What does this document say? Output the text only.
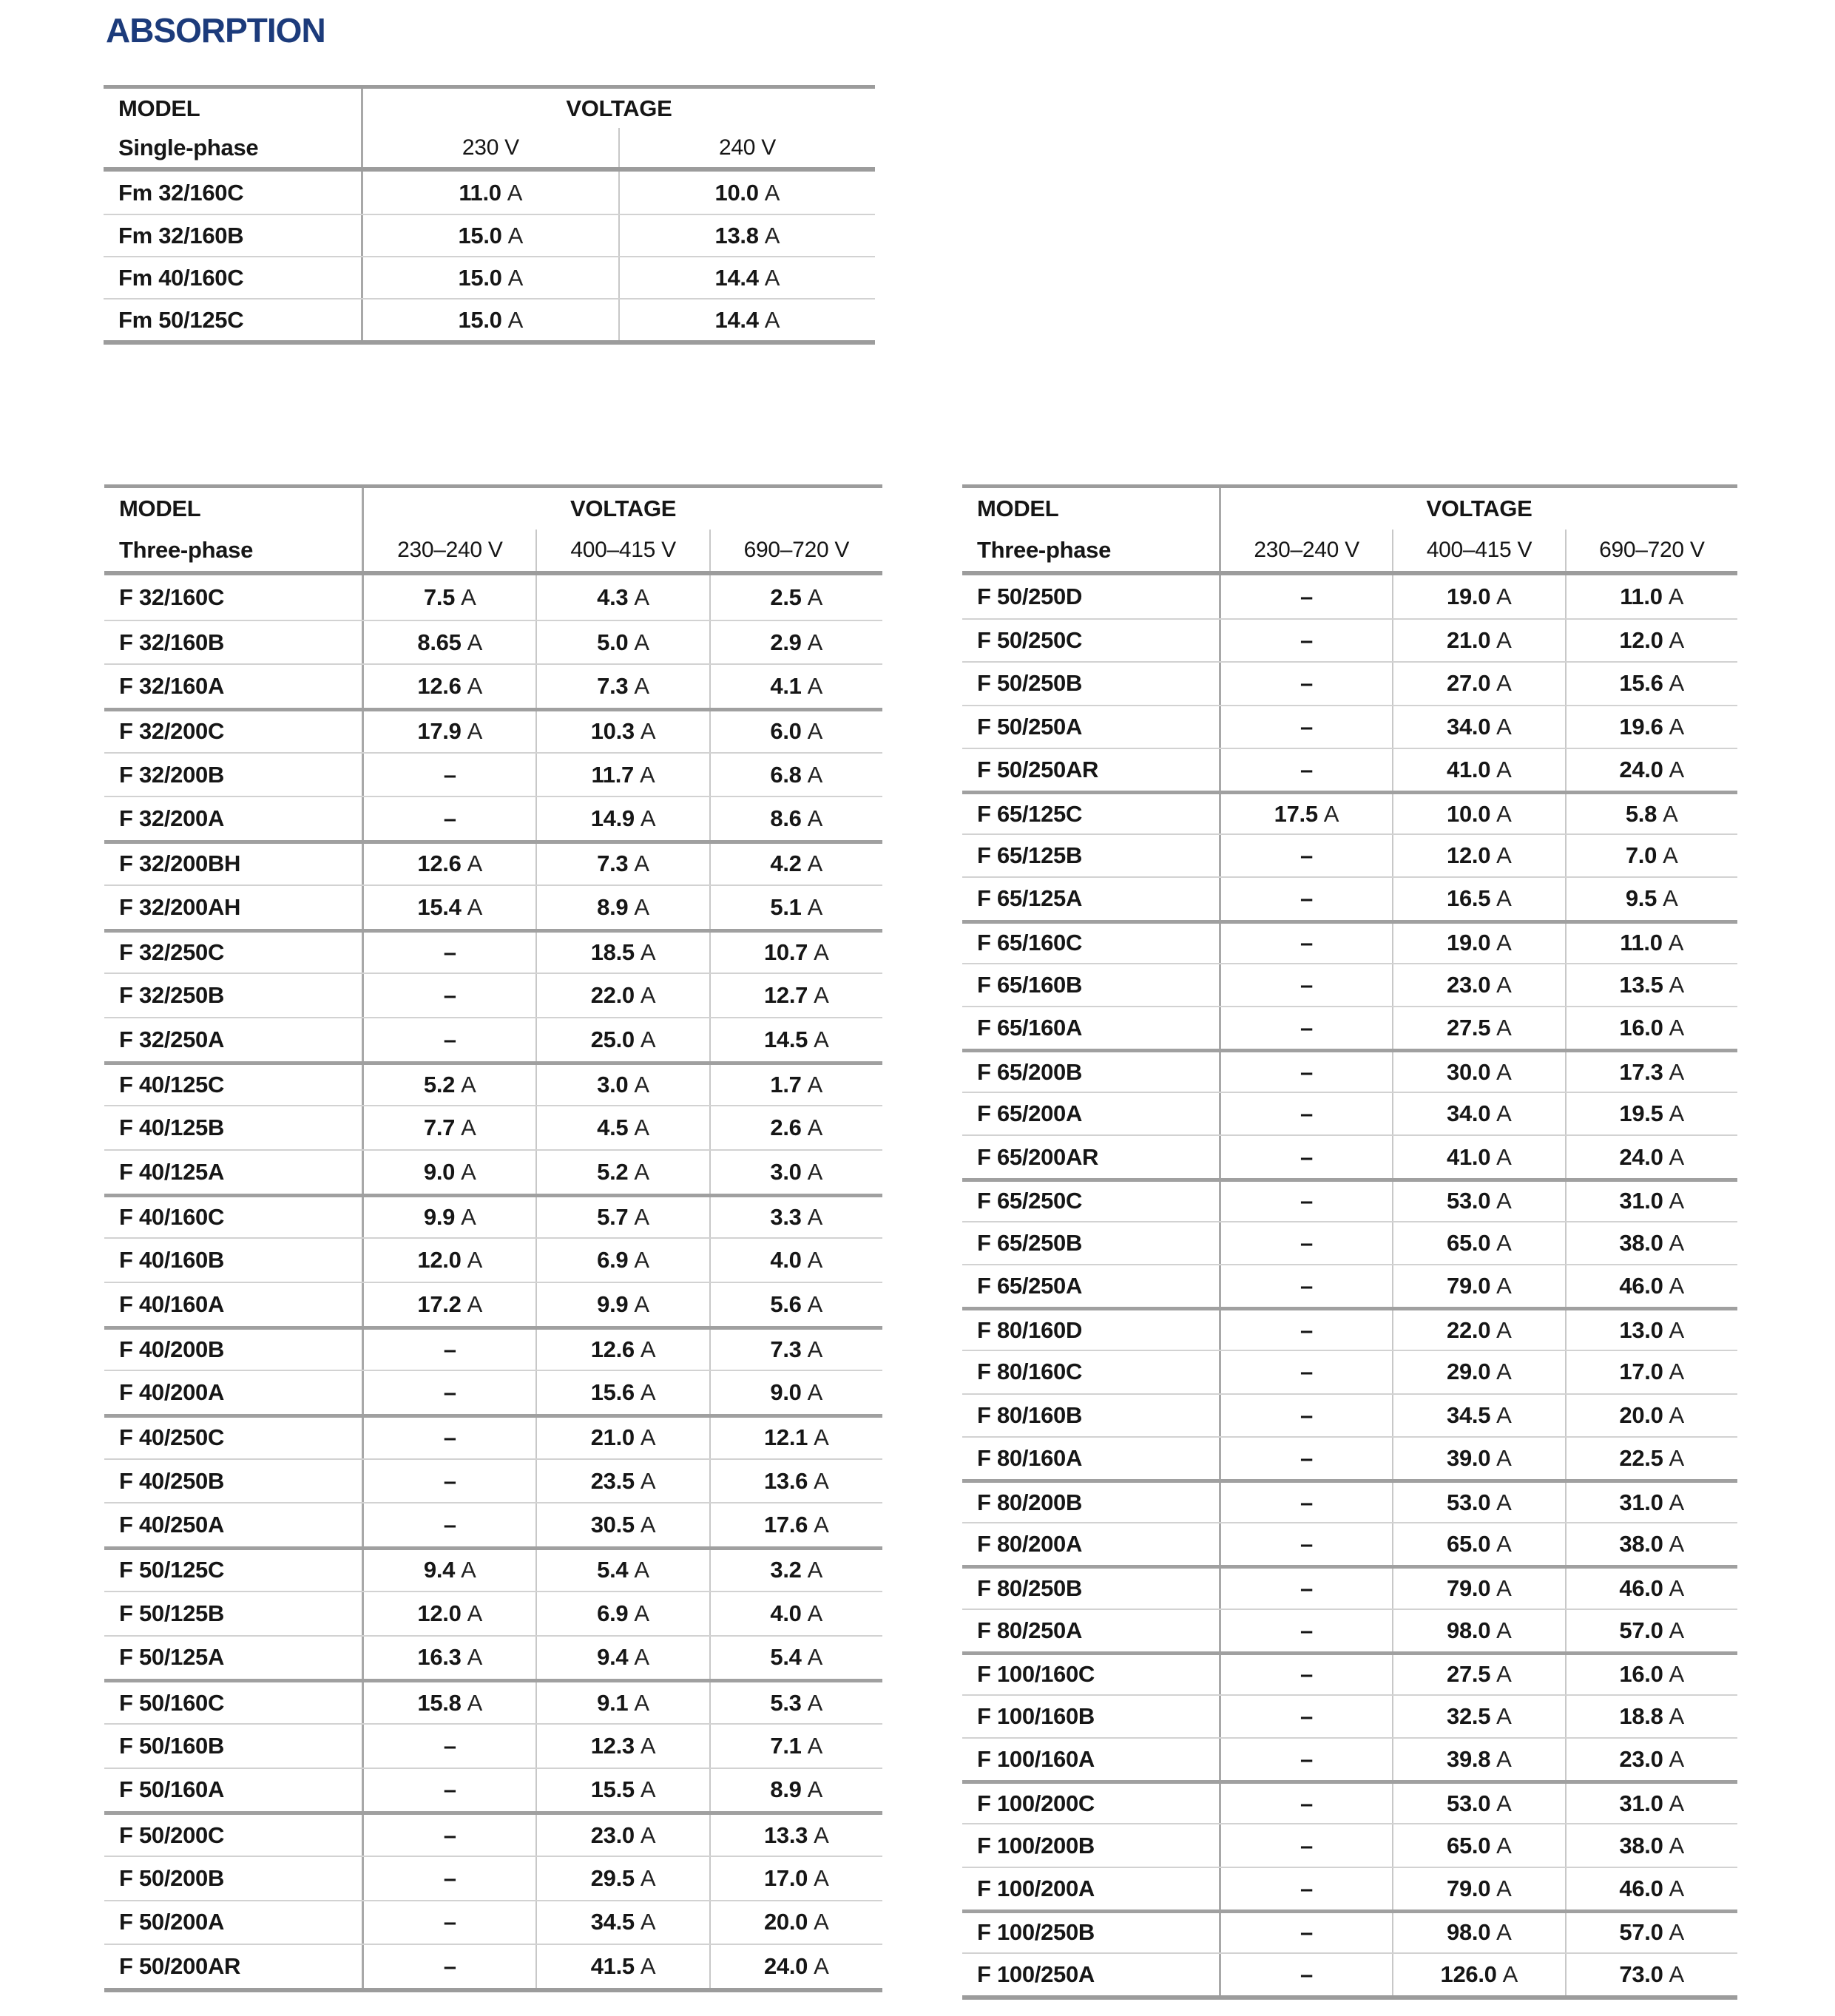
ABSORPTION
MODEL
Single-phase
VOLTAGE
230 V	240 V
Fm 32/160C	11.0 A	10.0 A
Fm 32/160B	15.0 A	13.8 A
Fm 40/160C	15.0 A	14.4 A
Fm 50/125C	15.0 A	14.4 A
MODEL
Three-phase
VOLTAGE
230–240 V	400–415 V	690–720 V
F 32/160C	7.5 A	4.3 A	2.5 A
F 32/160B	8.65 A	5.0 A	2.9 A
F 32/160A	12.6 A	7.3 A	4.1 A
F 32/200C	17.9 A	10.3 A	6.0 A
F 32/200B	–	11.7 A	6.8 A
F 32/200A	–	14.9 A	8.6 A
F 32/200BH	12.6 A	7.3 A	4.2 A
F 32/200AH	15.4 A	8.9 A	5.1 A
F 32/250C	–	18.5 A	10.7 A
F 32/250B	–	22.0 A	12.7 A
F 32/250A	–	25.0 A	14.5 A
F 40/125C	5.2 A	3.0 A	1.7 A
F 40/125B	7.7 A	4.5 A	2.6 A
F 40/125A	9.0 A	5.2 A	3.0 A
F 40/160C	9.9 A	5.7 A	3.3 A
F 40/160B	12.0 A	6.9 A	4.0 A
F 40/160A	17.2 A	9.9 A	5.6 A
F 40/200B	–	12.6 A	7.3 A
F 40/200A	–	15.6 A	9.0 A
F 40/250C	–	21.0 A	12.1 A
F 40/250B	–	23.5 A	13.6 A
F 40/250A	–	30.5 A	17.6 A
F 50/125C	9.4 A	5.4 A	3.2 A
F 50/125B	12.0 A	6.9 A	4.0 A
F 50/125A	16.3 A	9.4 A	5.4 A
F 50/160C	15.8 A	9.1 A	5.3 A
F 50/160B	–	12.3 A	7.1 A
F 50/160A	–	15.5 A	8.9 A
F 50/200C	–	23.0 A	13.3 A
F 50/200B	–	29.5 A	17.0 A
F 50/200A	–	34.5 A	20.0 A
F 50/200AR	–	41.5 A	24.0 A
MODEL
Three-phase
VOLTAGE
230–240 V	400–415 V	690–720 V
F 50/250D	–	19.0 A	11.0 A
F 50/250C	–	21.0 A	12.0 A
F 50/250B	–	27.0 A	15.6 A
F 50/250A	–	34.0 A	19.6 A
F 50/250AR	–	41.0 A	24.0 A
F 65/125C	17.5 A	10.0 A	5.8 A
F 65/125B	–	12.0 A	7.0 A
F 65/125A	–	16.5 A	9.5 A
F 65/160C	–	19.0 A	11.0 A
F 65/160B	–	23.0 A	13.5 A
F 65/160A	–	27.5 A	16.0 A
F 65/200B	–	30.0 A	17.3 A
F 65/200A	–	34.0 A	19.5 A
F 65/200AR	–	41.0 A	24.0 A
F 65/250C	–	53.0 A	31.0 A
F 65/250B	–	65.0 A	38.0 A
F 65/250A	–	79.0 A	46.0 A
F 80/160D	–	22.0 A	13.0 A
F 80/160C	–	29.0 A	17.0 A
F 80/160B	–	34.5 A	20.0 A
F 80/160A	–	39.0 A	22.5 A
F 80/200B	–	53.0 A	31.0 A
F 80/200A	–	65.0 A	38.0 A
F 80/250B	–	79.0 A	46.0 A
F 80/250A	–	98.0 A	57.0 A
F 100/160C	–	27.5 A	16.0 A
F 100/160B	–	32.5 A	18.8 A
F 100/160A	–	39.8 A	23.0 A
F 100/200C	–	53.0 A	31.0 A
F 100/200B	–	65.0 A	38.0 A
F 100/200A	–	79.0 A	46.0 A
F 100/250B	–	98.0 A	57.0 A
F 100/250A	–	126.0 A	73.0 A
